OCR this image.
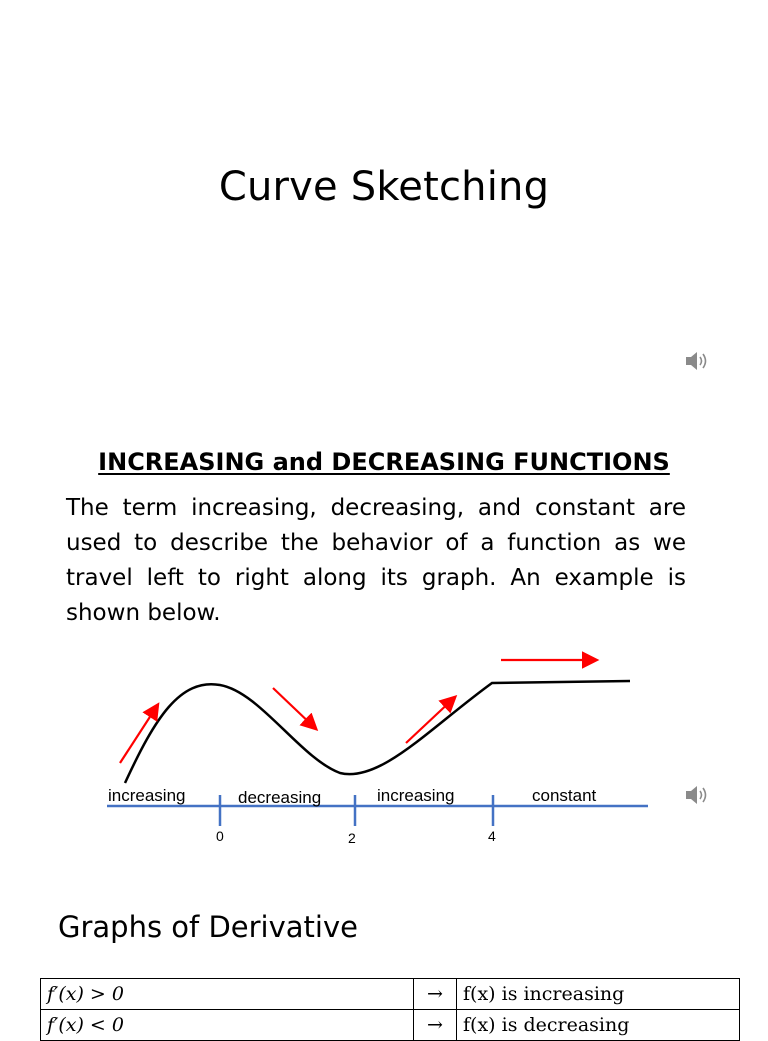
Curve Sketching
INCREASING and DECREASING FUNCTIONS
The term increasing, decreasing, and constant are used to describe the behavior of a function as we travel left to right along its graph. An example is shown below.
increasing	decreasing	increasing	constant
0	2	4
Graphs of Derivative
f′(x) > 0	→	f(x) is increasing
f′(x) < 0	→	f(x) is decreasing
